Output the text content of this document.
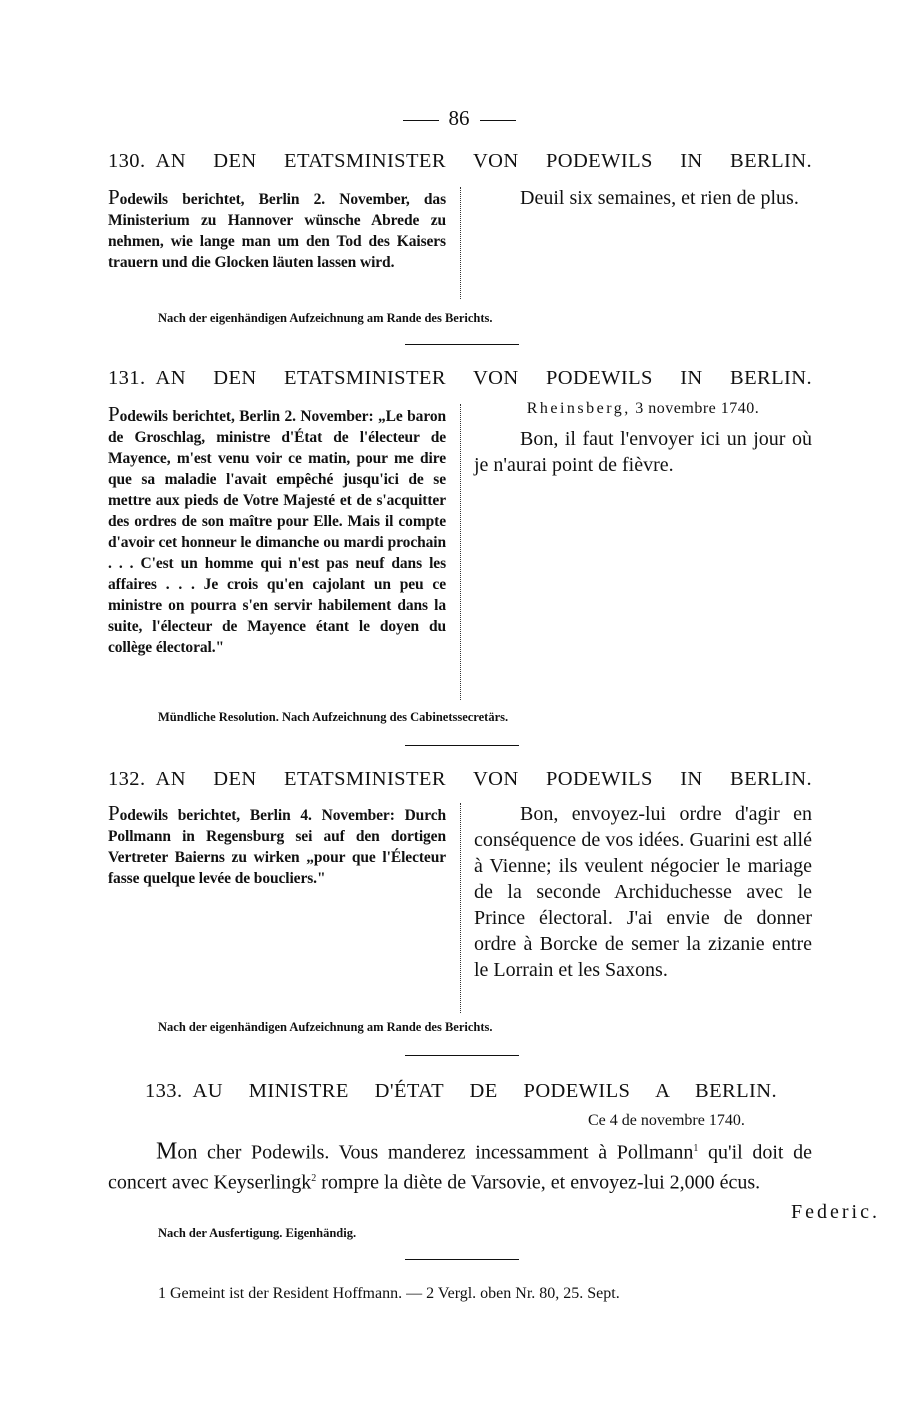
86
130. AN DEN ETATSMINISTER VON PODEWILS IN BERLIN.
Podewils berichtet, Berlin 2. November, das Ministerium zu Hannover wünsche Abrede zu nehmen, wie lange man um den Tod des Kaisers trauern und die Glocken läuten lassen wird.
Deuil six semaines, et rien de plus.
Nach der eigenhändigen Aufzeichnung am Rande des Berichts.
131. AN DEN ETATSMINISTER VON PODEWILS IN BERLIN.
Podewils berichtet, Berlin 2. November: „Le baron de Groschlag, ministre d'État de l'électeur de Mayence, m'est venu voir ce matin, pour me dire que sa maladie l'avait empêché jusqu'ici de se mettre aux pieds de Votre Majesté et de s'acquitter des ordres de son maître pour Elle. Mais il compte d'avoir cet honneur le dimanche ou mardi prochain . . . C'est un homme qui n'est pas neuf dans les affaires . . . Je crois qu'en cajolant un peu ce ministre on pourra s'en servir habilement dans la suite, l'électeur de Mayence étant le doyen du collège électoral."
Rheinsberg, 3 novembre 1740.
Bon, il faut l'envoyer ici un jour où je n'aurai point de fièvre.
Mündliche Resolution. Nach Aufzeichnung des Cabinetssecretärs.
132. AN DEN ETATSMINISTER VON PODEWILS IN BERLIN.
Podewils berichtet, Berlin 4. November: Durch Pollmann in Regensburg sei auf den dortigen Vertreter Baierns zu wirken „pour que l'Électeur fasse quelque levée de boucliers."
Bon, envoyez-lui ordre d'agir en conséquence de vos idées. Guarini est allé à Vienne; ils veulent négocier le mariage de la seconde Archiduchesse avec le Prince électoral. J'ai envie de donner ordre à Borcke de semer la zizanie entre le Lorrain et les Saxons.
Nach der eigenhändigen Aufzeichnung am Rande des Berichts.
133. AU MINISTRE D'ÉTAT DE PODEWILS A BERLIN.
Ce 4 de novembre 1740.
Mon cher Podewils. Vous manderez incessamment à Pollmann$^1$ qu'il doit de concert avec Keyserlingk$^2$ rompre la diète de Varsovie, et envoyez-lui 2,000 écus.
Federic.
Nach der Ausfertigung. Eigenhändig.
1 Gemeint ist der Resident Hoffmann. — 2 Vergl. oben Nr. 80, 25. Sept.
